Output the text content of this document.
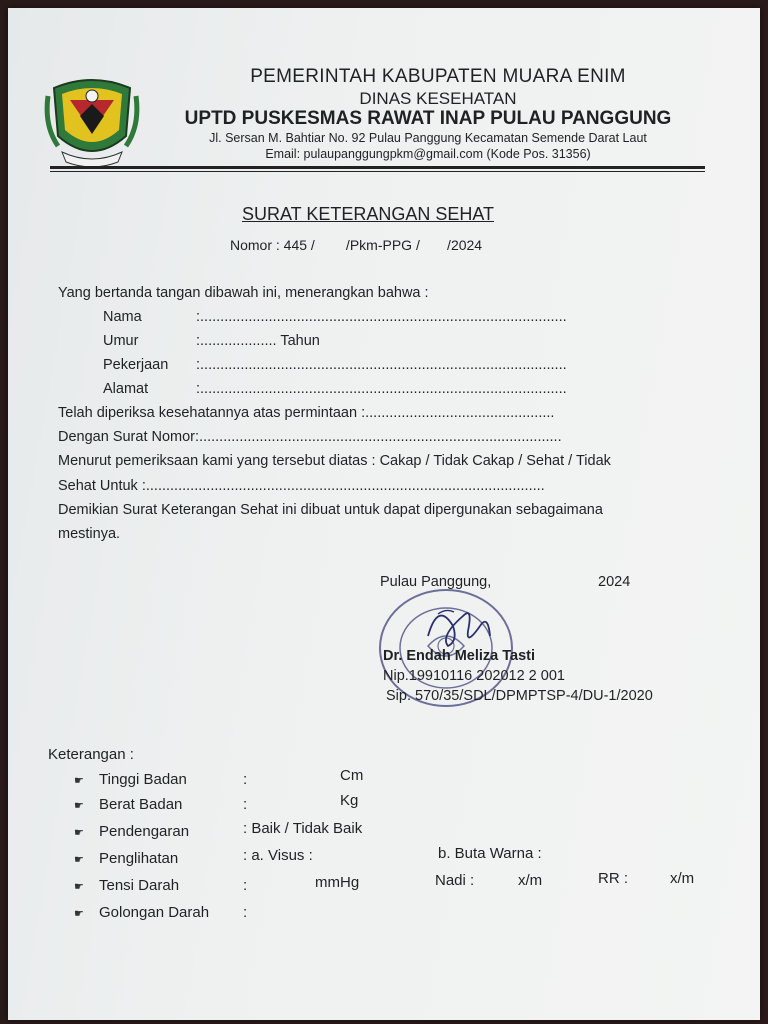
PEMERINTAH KABUPATEN MUARA ENIM
DINAS KESEHATAN
UPTD PUSKESMAS RAWAT INAP PULAU PANGGUNG
Jl. Sersan M. Bahtiar No. 92 Pulau Panggung Kecamatan Semende Darat Laut
Email: pulaupanggungpkm@gmail.com (Kode Pos. 31356)
SURAT KETERANGAN SEHAT
Nomor : 445 /        /Pkm-PPG /       /2024
Yang bertanda tangan dibawah ini, menerangkan bahwa :
Nama	:...........................................................................................
Umur	:................... Tahun
Pekerjaan :...........................................................................................
Alamat	:...........................................................................................
Telah diperiksa kesehatannya atas permintaan :...............................................
Dengan Surat Nomor:..........................................................................................
Menurut pemeriksaan kami yang tersebut diatas : Cakap / Tidak Cakap / Sehat / Tidak
Sehat Untuk :...................................................................................................
Demikian Surat Keterangan Sehat ini dibuat untuk dapat dipergunakan sebagaimana
mestinya.
Pulau Panggung,	2024
Dr. Endah Meliza Tasti
Nip.19910116 202012 2 001
Sip. 570/35/SDL/DPMPTSP-4/DU-1/2020
Keterangan :
☛ Tinggi Badan	:	Cm
☛ Berat Badan	:	Kg
☛ Pendengaran	: Baik / Tidak Baik
☛ Penglihatan	: a. Visus :	b. Buta Warna :
☛ Tensi Darah	:	mmHg	Nadi :	x/m	RR :	x/m
☛ Golongan Darah :
